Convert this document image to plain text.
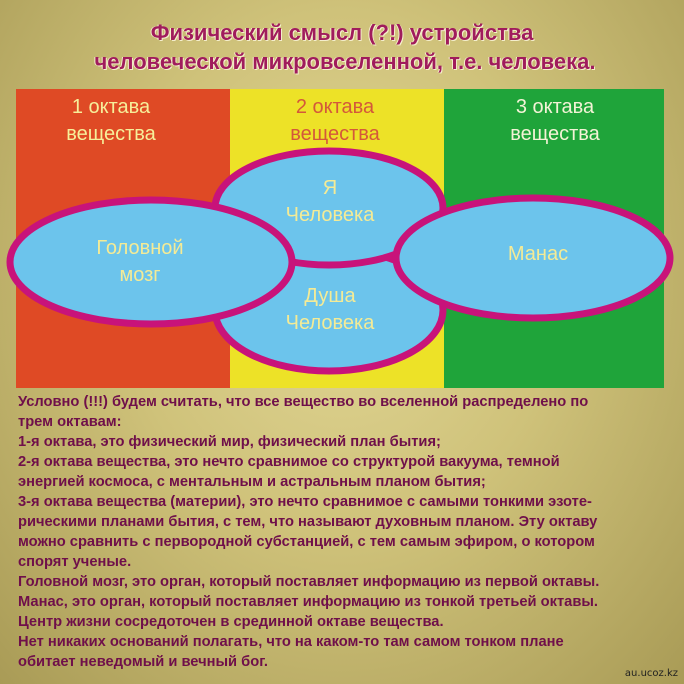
Физический смысл (?!) устройства
человеческой микровселенной, т.е. человека.
1 октава
вещества
2 октава
вещества
3 октава
вещества
Я
Человека
Головной
мозг
Душа
Человека
Манас
Условно (!!!) будем считать, что все вещество во вселенной распределено по
трем октавам:
1-я октава, это физический мир, физический план бытия;
2-я октава вещества, это нечто сравнимое со структурой вакуума, темной
энергией космоса, с ментальным и астральным планом бытия;
3-я октава вещества (материи), это нечто сравнимое с самыми тонкими эзоте-
рическими планами бытия, с тем, что называют духовным планом. Эту октаву
можно сравнить с первородной субстанцией, с тем самым эфиром, о котором
спорят ученые.
Головной мозг, это орган, который поставляет информацию из первой октавы.
Манас, это орган, который поставляет информацию из тонкой третьей октавы.
Центр жизни сосредоточен в срединной октаве вещества.
Нет никаких оснований полагать, что на каком-то там самом тонком плане
обитает неведомый и вечный бог.
au.ucoz.kz
